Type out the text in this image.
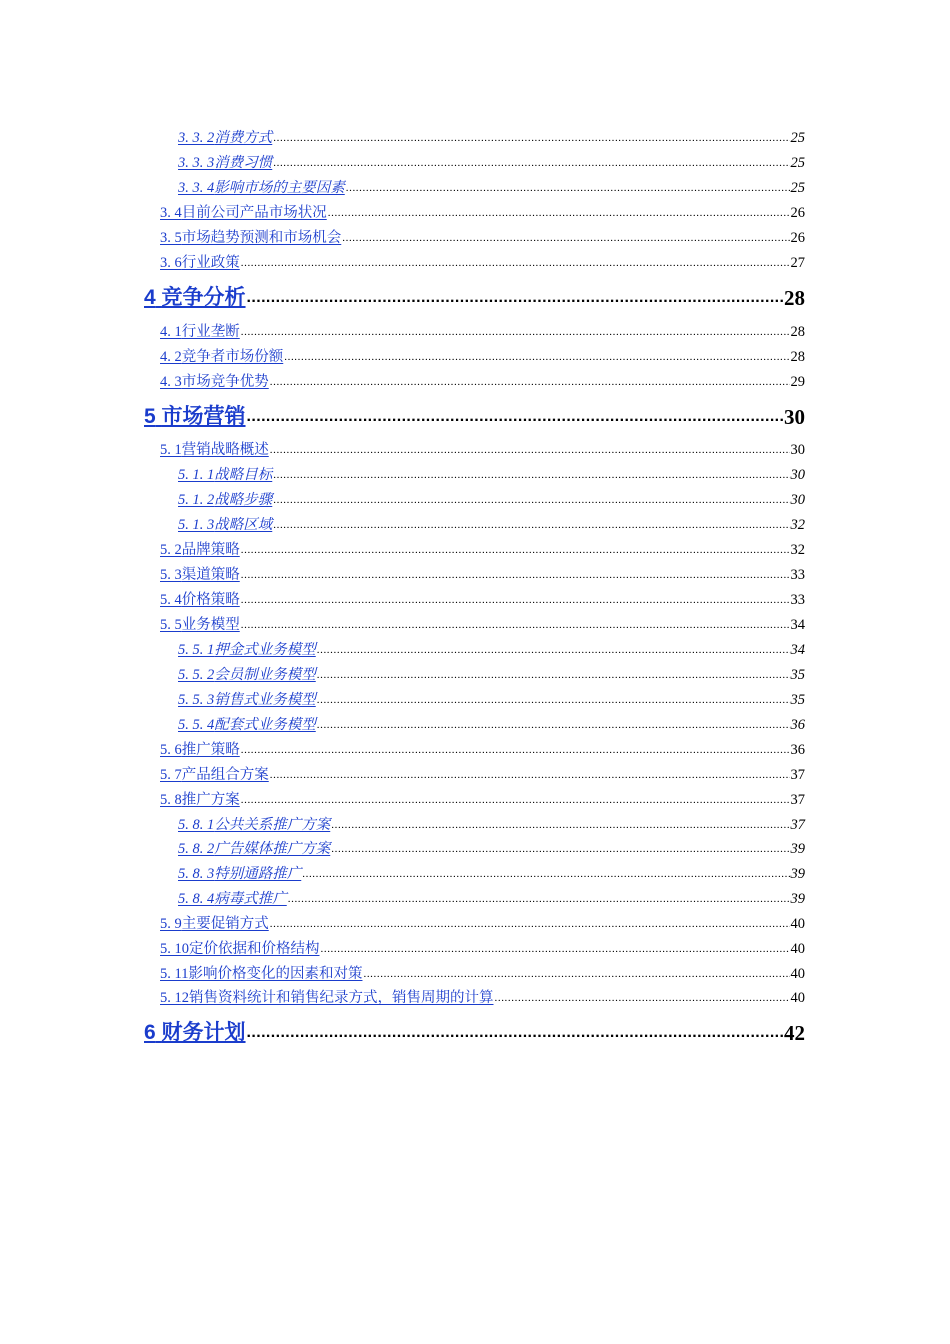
3. 3. 2消费方式 .....	25
3. 3. 3消费习惯 .....	25
3. 3. 4影响市场的主要因素 .....	25
3. 4目前公司产品市场状况 .....	26
3. 5市场趋势预测和市场机会 .....	26
3. 6行业政策 .....	27
4 竞争分析 .....	28
4. 1行业垄断 .....	28
4. 2竞争者市场份额 .....	28
4. 3市场竞争优势 .....	29
5 市场营销 .....	30
5. 1营销战略概述 .....	30
5. 1. 1战略目标 .....	30
5. 1. 2战略步骤 .....	30
5. 1. 3战略区域 .....	32
5. 2品牌策略 .....	32
5. 3渠道策略 .....	33
5. 4价格策略 .....	33
5. 5业务模型 .....	34
5. 5. 1押金式业务模型 .....	34
5. 5. 2会员制业务模型 .....	35
5. 5. 3销售式业务模型 .....	35
5. 5. 4配套式业务模型 .....	36
5. 6推广策略 .....	36
5. 7产品组合方案 .....	37
5. 8推广方案 .....	37
5. 8. 1公共关系推广方案 .....	37
5. 8. 2广告媒体推广方案 .....	39
5. 8. 3特别通路推广 .....	39
5. 8. 4病毒式推广 .....	39
5. 9主要促销方式 .....	40
5. 10定价依据和价格结构 .....	40
5. 11影响价格变化的因素和对策 .....	40
5. 12销售资料统计和销售纪录方式，销售周期的计算 .....	40
6 财务计划 .....	42
